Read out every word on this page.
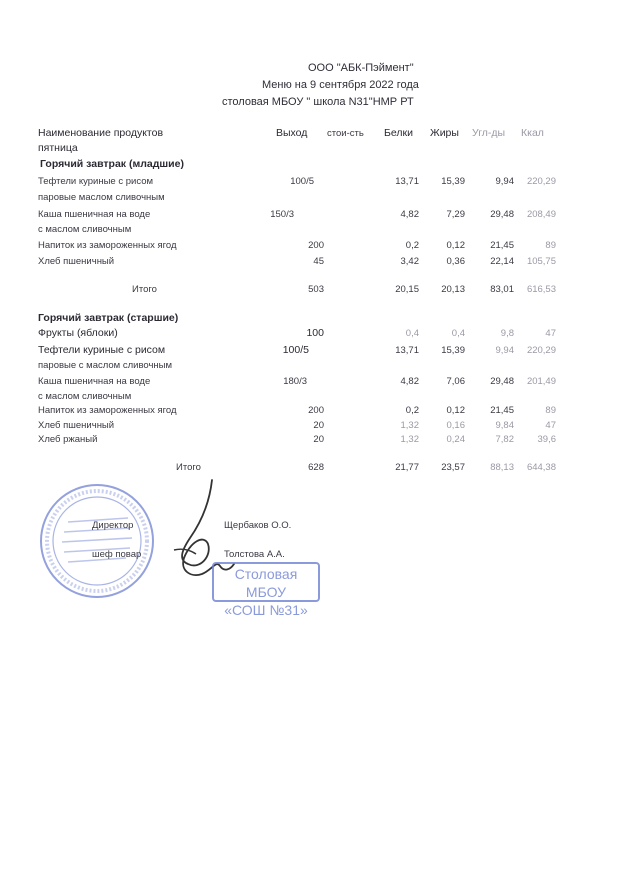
ООО "АБК-Пэймент"
Меню на 9 сентября 2022 года
столовая МБОУ " школа N31"НМР РТ
Наименование продуктов	Выход стои-сть Белки Жиры Угл-ды Ккал
пятница
Горячий завтрак (младшие)
Тефтели куриные с рисом
паровые маслом сливочным
100/5	13,71 15,39	9,94 220,29
Каша пшеничная на воде
с маслом сливочным
150/3	4,82	7,29	29,48 208,49
Напиток из замороженных ягод	200	0,2	0,12	21,45	89
Хлеб пшеничный	45	3,42	0,36	22,14 105,75
Итого	503	20,15 20,13	83,01 616,53
Горячий завтрак (старшие)
Фрукты (яблоки)	100	0,4	0,4	9,8	47
Тефтели куриные с рисом
паровые с маслом сливочным
100/5	13,71 15,39	9,94 220,29
Каша пшеничная на воде
с маслом сливочным
180/3	4,82	7,06	29,48 201,49
Напиток из замороженных ягод	200	0,2	0,12	21,45	89
Хлеб пшеничный	20	1,32	0,16	9,84	47
Хлеб ржаный	20	1,32	0,24	7,82 39,6
Итого	628	21,77 23,57	88,13 644,38
Директор	Щербаков О.О.
шеф повар	Толстова А.А.
Столовая МБОУ
«СОШ №31»
